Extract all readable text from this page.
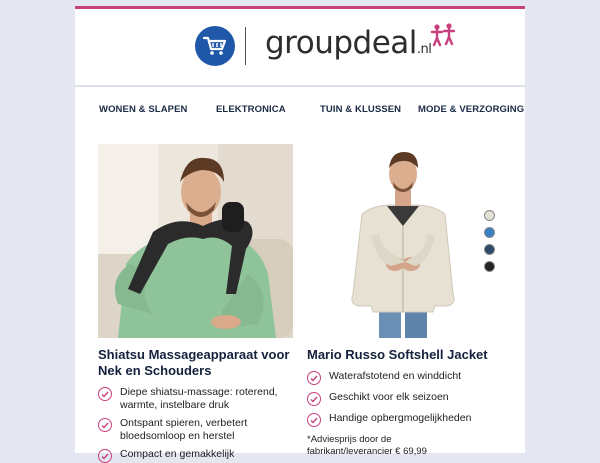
groupdeal.nl
WONEN & SLAPEN	ELEKTRONICA	TUIN & KLUSSEN MODE & VERZORGING
Shiatsu Massageapparaat voor Nek en Schouders
Diepe shiatsu-massage: roterend, warmte, instelbare druk
Ontspant spieren, verbetert bloedsomloop en herstel
Compact en gemakkelijk
Mario Russo Softshell Jacket
Waterafstotend en winddicht
Geschikt voor elk seizoen
Handige opbergmogelijkheden
*Adviesprijs door de fabrikant/leverancier € 69,99
